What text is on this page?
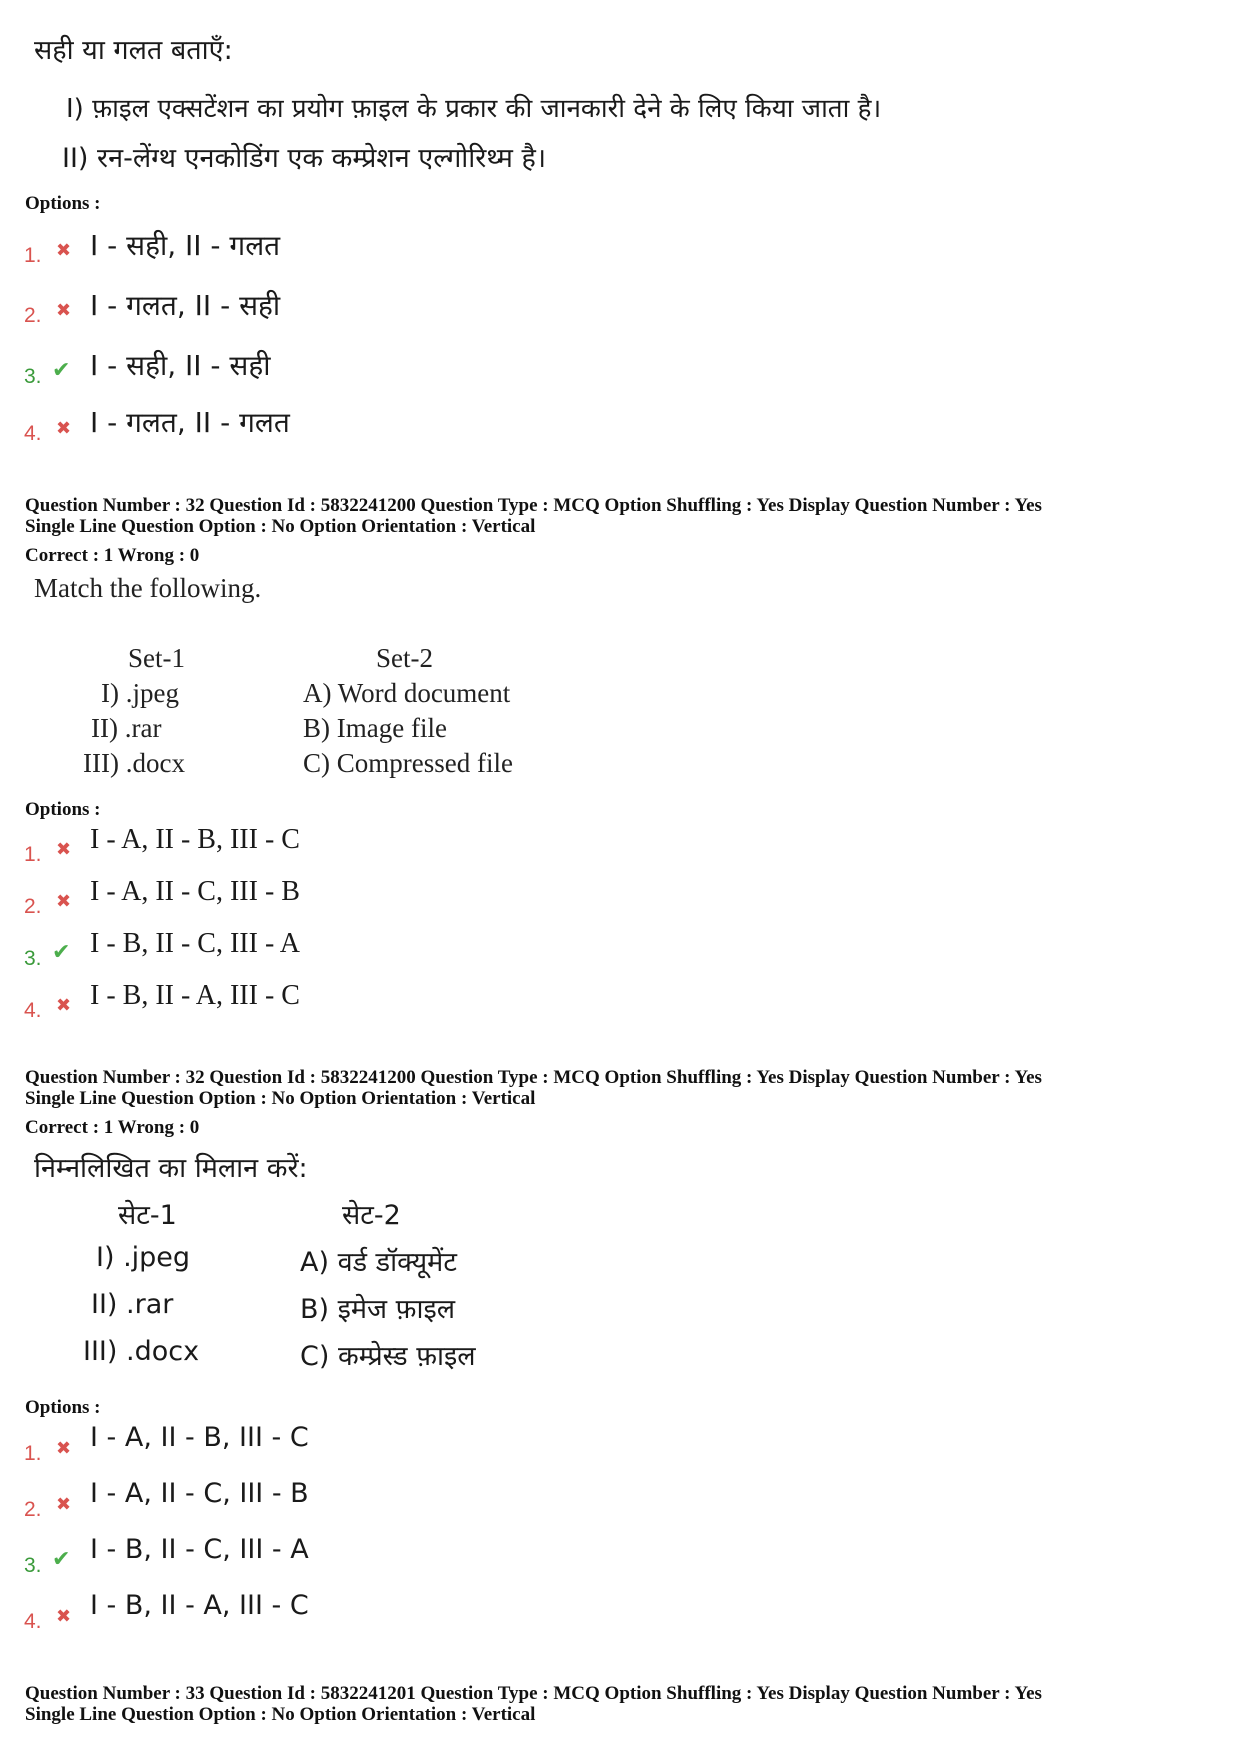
सही या गलत बताएँ:
I) फ़ाइल एक्सटेंशन का प्रयोग फ़ाइल के प्रकार की जानकारी देने के लिए किया जाता है।
II) रन-लेंग्थ एनकोडिंग एक कम्प्रेशन एल्गोरिथ्म है।
Options :
1. ✖ I - सही, II - गलत
2. ✖ I - गलत, II - सही
3. ✔ I - सही, II - सही
4. ✖ I - गलत, II - गलत
Question Number : 32 Question Id : 5832241200 Question Type : MCQ Option Shuffling : Yes Display Question Number : Yes
Single Line Question Option : No Option Orientation : Vertical
Correct : 1 Wrong : 0
Match the following.
Set-1	Set-2
I) .jpeg
II) .rar
III) .docx
A) Word document
B) Image file
C) Compressed file
Options :
1. ✖ I - A, II - B, III - C
2. ✖ I - A, II - C, III - B
3. ✔ I - B, II - C, III - A
4. ✖ I - B, II - A, III - C
Question Number : 32 Question Id : 5832241200 Question Type : MCQ Option Shuffling : Yes Display Question Number : Yes
Single Line Question Option : No Option Orientation : Vertical
Correct : 1 Wrong : 0
निम्नलिखित का मिलान करें:
सेट-1	सेट-2
I) .jpeg
II) .rar
III) .docx
A) वर्ड डॉक्यूमेंट
B) इमेज फ़ाइल
C) कम्प्रेस्ड फ़ाइल
Options :
1. ✖ I - A, II - B, III - C
2. ✖ I - A, II - C, III - B
3. ✔ I - B, II - C, III - A
4. ✖ I - B, II - A, III - C
Question Number : 33 Question Id : 5832241201 Question Type : MCQ Option Shuffling : Yes Display Question Number : Yes
Single Line Question Option : No Option Orientation : Vertical
